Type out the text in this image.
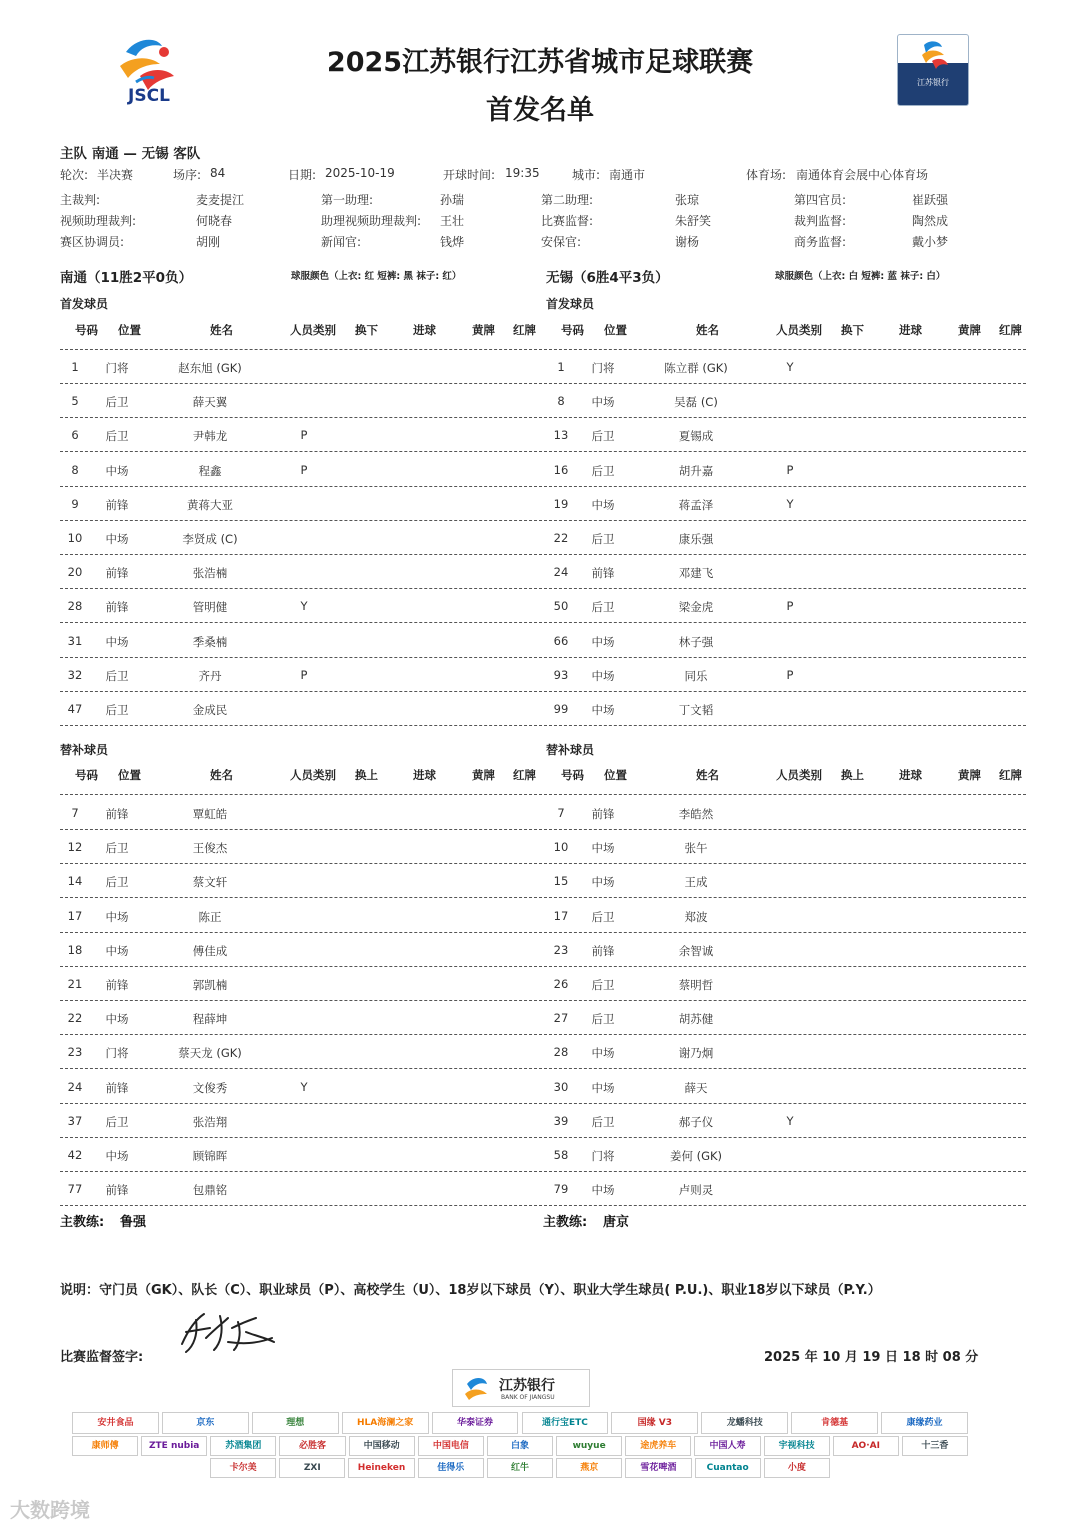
JSCL
2025江苏银行江苏省城市足球联赛
首发名单
江苏银行
主队 南通 — 无锡 客队
轮次: 半决赛	场序: 84	日期: 2025-10-19	开球时间: 19:35	城市: 南通市	体育场: 南通体育会展中心体育场
主裁判:	麦麦提江	第一助理:	孙瑞	第二助理:	张琼	第四官员:	崔跃强
视频助理裁判:	何晓春	助理视频助理裁判: 王壮	比赛监督:	朱舒笑	裁判监督:	陶然成
赛区协调员:	胡刚	新闻官:	钱烨	安保官:	谢杨	商务监督:	戴小梦
南通（11胜2平0负）	球服颜色（上衣: 红 短裤: 黑 袜子: 红）	无锡（6胜4平3负）	球服颜色（上衣: 白 短裤: 蓝 袜子: 白）
首发球员	首发球员
替补球员	替补球员
号码 位置	姓名	人员类别 换下	进球	黄牌 红牌
1 门将	赵东旭 (GK)
5 后卫	薛天翼
6 后卫	尹韩龙	P
8 中场	程鑫	P
9 前锋	黄蒋大亚
10 中场	李贤成 (C)
20 前锋	张浩楠
28 前锋	管明健	Y
31 中场	季桑楠
32 后卫	齐丹	P
47 后卫	金成民
号码 位置	姓名	人员类别 换下	进球	黄牌 红牌
1 门将	陈立群 (GK)	Y
8 中场	吴磊 (C)
13 后卫	夏锡成
16 后卫	胡升嘉	P
19 中场	蒋孟泽	Y
22 后卫	康乐强
24 前锋	邓建飞
50 后卫	梁金虎	P
66 中场	林子强
93 中场	同乐	P
99 中场	丁文韬
号码 位置	姓名	人员类别 换上	进球	黄牌 红牌
7 前锋	覃虹皓
12 后卫	王俊杰
14 后卫	蔡文轩
17 中场	陈正
18 中场	傅佳成
21 前锋	郭凯楠
22 中场	程薛坤
23 门将	蔡天龙 (GK)
24 前锋	文俊秀	Y
37 后卫	张浩翔
42 中场	顾锦晖
77 前锋	包鼎铭
号码 位置	姓名	人员类别 换上	进球	黄牌 红牌
7 前锋	李皓然
10 中场	张午
15 中场	王成
17 后卫	郑波
23 前锋	余智诚
26 后卫	蔡明哲
27 后卫	胡苏健
28 中场	谢乃炯
30 中场	薛天
39 后卫	郝子仪	Y
58 门将	姜何 (GK)
79 中场	卢则灵
主教练: 鲁强	主教练: 唐京
说明：守门员（GK）、队长（C）、职业球员（P）、高校学生（U）、18岁以下球员（Y）、职业大学生球员( P.U.)、职业18岁以下球员（P.Y.）
比赛监督签字:	2025 年 10 月 19 日 18 时 08 分
江苏银行
BANK OF JIANGSU
安井食品	京东	理想	HLA海澜之家	华泰证券	通行宝ETC	国缘 V3	龙蟠科技	肯德基	康缘药业
康师傅	ZTE nubia	苏酒集团	必胜客	中国移动	中国电信	白象	wuyue	途虎养车	中国人寿	宇视科技	AO·AI	十三香
卡尔美	ZXI	Heineken	佳得乐	红牛	燕京	雪花啤酒	Cuantao	小度
大数跨境
